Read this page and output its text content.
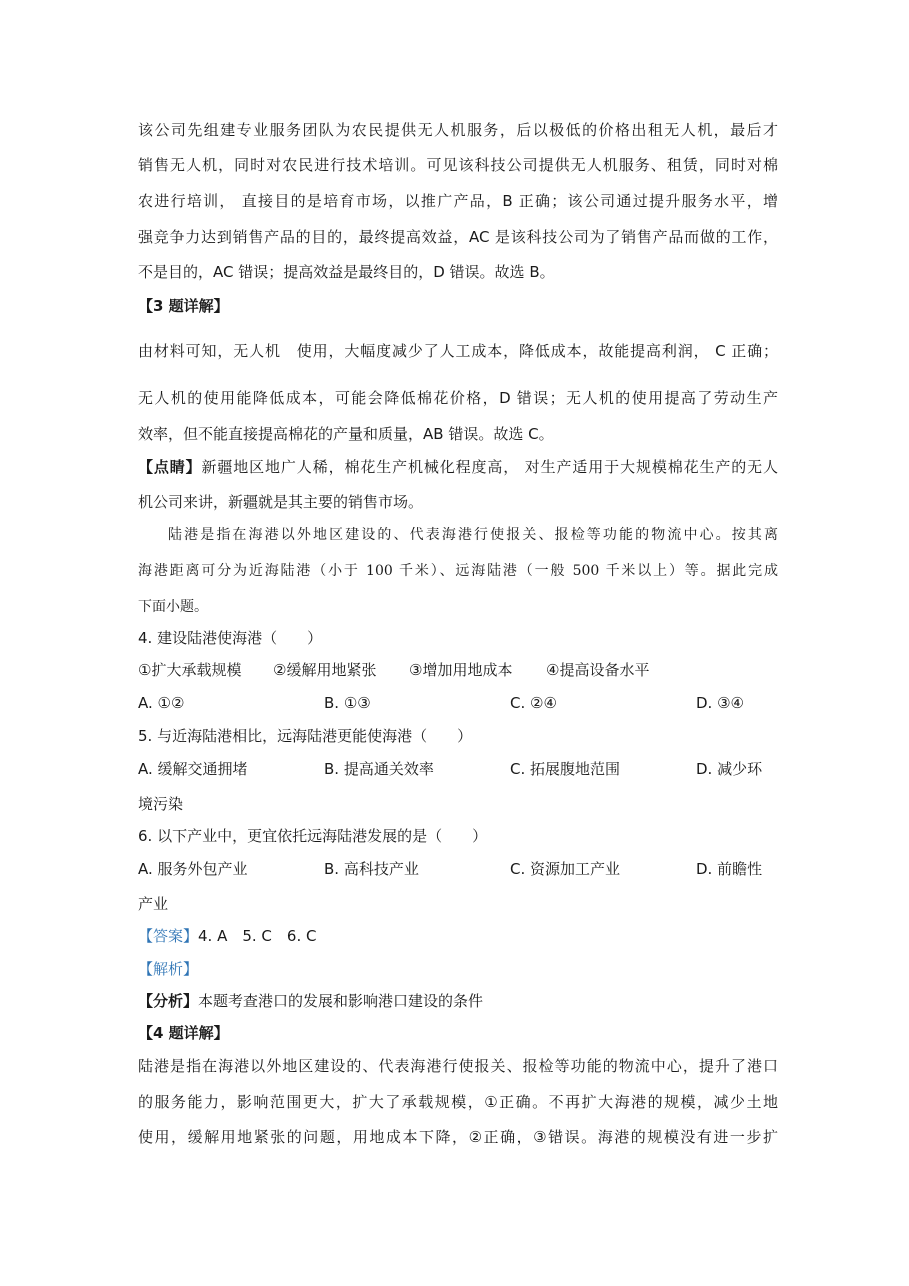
该公司先组建专业服务团队为农民提供无人机服务，后以极低的价格出租无人机，最后才
销售无人机，同时对农民进行技术培训。可见该科技公司提供无人机服务、租赁，同时对棉
农进行培训， 直接目的是培育市场，以推广产品，B 正确；该公司通过提升服务水平，增
强竞争力达到销售产品的目的，最终提高效益，AC 是该科技公司为了销售产品而做的工作，
不是目的，AC 错误；提高效益是最终目的，D 错误。故选 B。
【3 题详解】
由材料可知，无人机　使用，大幅度减少了人工成本，降低成本，故能提高利润， C 正确；
无人机的使用能降低成本，可能会降低棉花价格，D 错误；无人机的使用提高了劳动生产
效率，但不能直接提高棉花的产量和质量，AB 错误。故选 C。
【点睛】新疆地区地广人稀，棉花生产机械化程度高， 对生产适用于大规模棉花生产的无人
机公司来讲，新疆就是其主要的销售市场。
陆港是指在海港以外地区建设的、代表海港行使报关、报检等功能的物流中心。按其离
海港距离可分为近海陆港（小于 100 千米）、远海陆港（一般 500 千米以上）等。据此完成
下面小题。
4. 建设陆港使海港（　　）
①扩大承载规模 ②缓解用地紧张 ③增加用地成本 ④提高设备水平
A. ①②	B. ①③	C. ②④	D. ③④
5. 与近海陆港相比，远海陆港更能使海港（　　）
A. 缓解交通拥堵	B. 提高通关效率	C. 拓展腹地范围	D. 减少环
境污染
6. 以下产业中，更宜依托远海陆港发展的是（　　）
A. 服务外包产业	B. 高科技产业	C. 资源加工产业	D. 前瞻性
产业
【答案】4. A　5. C　6. C
【解析】
【分析】本题考查港口的发展和影响港口建设的条件
【4 题详解】
陆港是指在海港以外地区建设的、代表海港行使报关、报检等功能的物流中心，提升了港口
的服务能力，影响范围更大，扩大了承载规模，①正确。不再扩大海港的规模，减少土地
使用，缓解用地紧张的问题，用地成本下降，②正确，③错误。海港的规模没有进一步扩
